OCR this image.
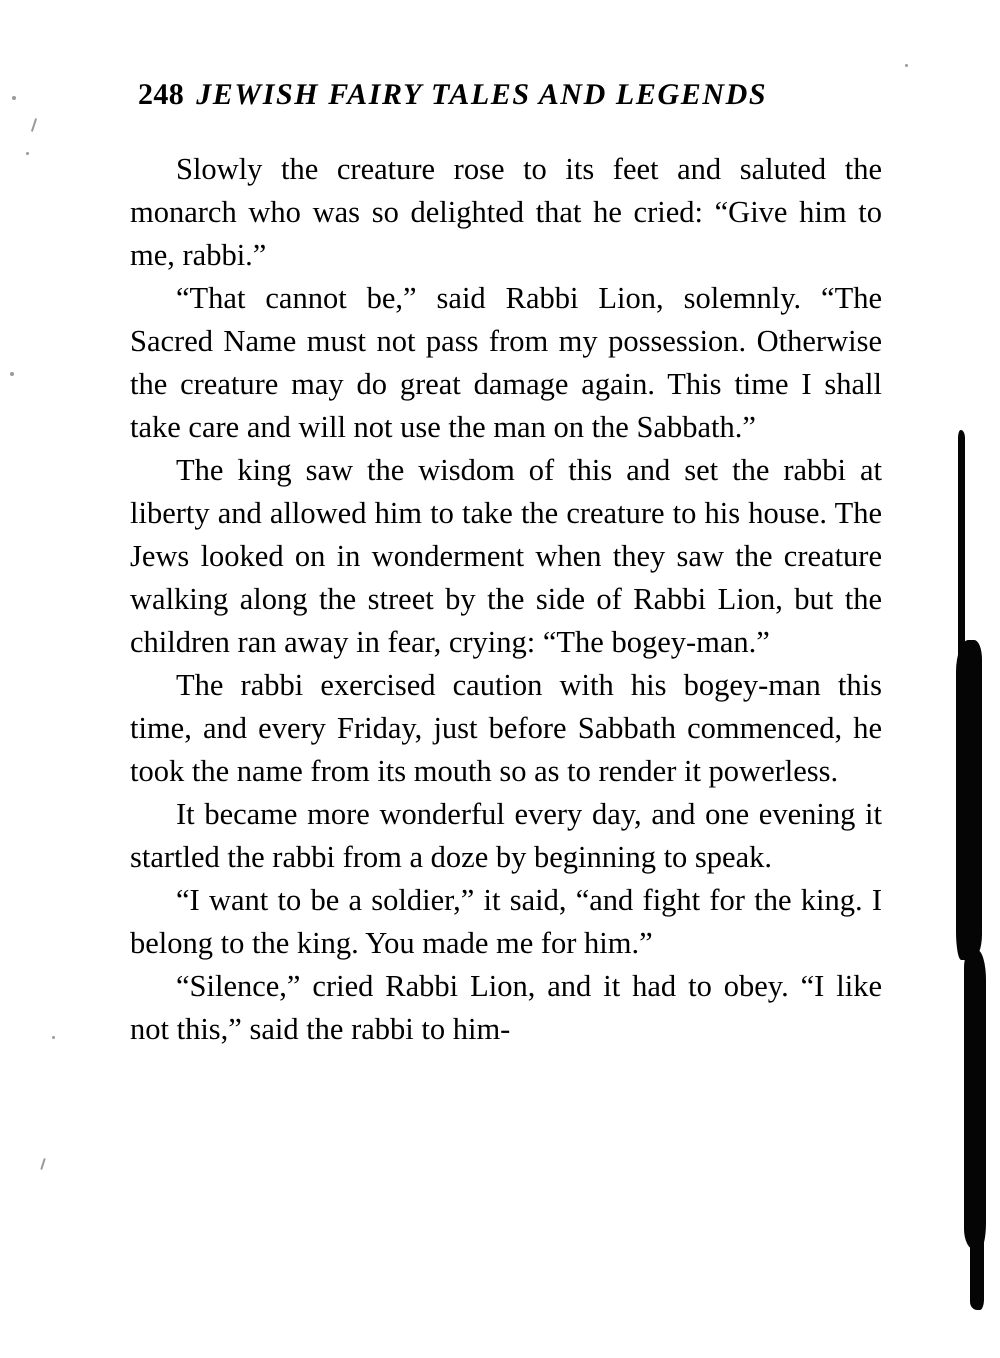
248 JEWISH FAIRY TALES AND LEGENDS

Slowly the creature rose to its feet and saluted the monarch who was so delighted that he cried: “Give him to me, rabbi.”

“That cannot be,” said Rabbi Lion, solemnly. “The Sacred Name must not pass from my possession. Otherwise the creature may do great damage again. This time I shall take care and will not use the man on the Sabbath.”

The king saw the wisdom of this and set the rabbi at liberty and allowed him to take the creature to his house. The Jews looked on in wonderment when they saw the creature walking along the street by the side of Rabbi Lion, but the children ran away in fear, crying: “The bogey-man.”

The rabbi exercised caution with his bogey-man this time, and every Friday, just before Sabbath commenced, he took the name from its mouth so as to render it powerless.

It became more wonderful every day, and one evening it startled the rabbi from a doze by beginning to speak.

“I want to be a soldier,” it said, “and fight for the king. I belong to the king. You made me for him.”

“Silence,” cried Rabbi Lion, and it had to obey. “I like not this,” said the rabbi to him-
